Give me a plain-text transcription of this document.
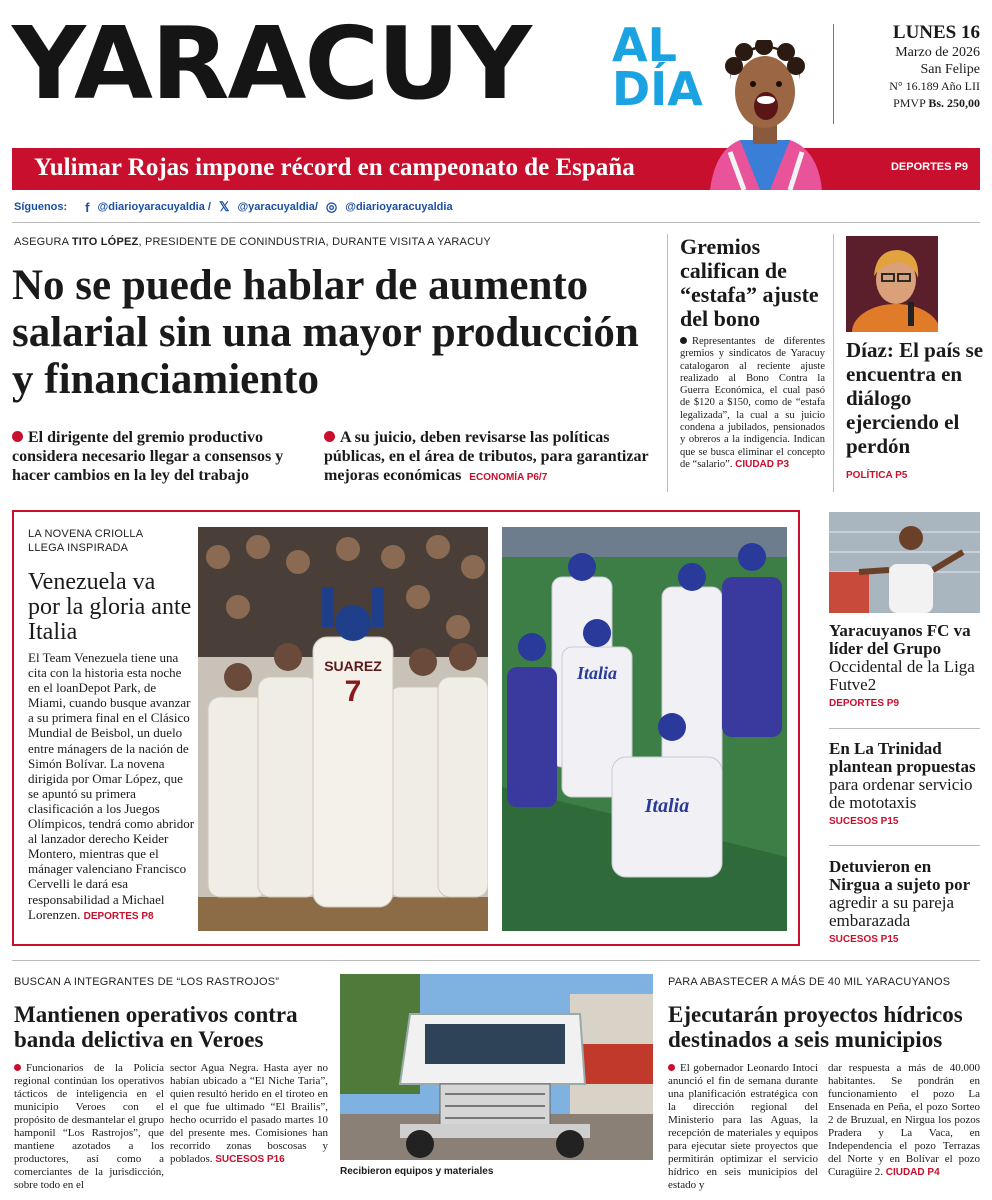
YARACUY AL
DÍA
LUNES 16
Marzo de 2026
San Felipe
N° 16.189 Año LII
PMVP Bs. 250,00
Yulimar Rojas impone récord en campeonato de España	DEPORTES P9
Síguenos: f @diarioyaracuyaldia / 𝕏 @yaracuyaldia/ ◎ @diarioyaracuyaldia
ASEGURA TITO LÓPEZ, PRESIDENTE DE CONINDUSTRIA, DURANTE VISITA A YARACUY
No se puede hablar de aumento salarial sin una mayor producción y financiamiento
El dirigente del gremio productivo considera necesario llegar a consensos y hacer cambios en la ley del trabajo
A su juicio, deben revisarse las políticas públicas, en el área de tributos, para garantizar mejoras económicas ECONOMÍA P6/7
Gremios califican de “estafa” ajuste del bono
Representantes de diferentes gremios y sindicatos de Yaracuy catalogaron al reciente ajuste realizado al Bono Contra la Guerra Económica, el cual pasó de $120 a $150, como de “estafa legalizada”, la cual a su juicio condena a jubilados, pensionados y obreros a la indigencia. Indican que se busca eliminar el concepto de “salario”. CIUDAD P3
Díaz: El país se encuentra en diálogo ejerciendo el perdón
POLÍTICA P5
LA NOVENA CRIOLLA LLEGA INSPIRADA
Venezuela va por la gloria ante Italia
El Team Venezuela tiene una cita con la historia esta noche en el loanDepot Park, de Miami, cuando busque avanzar a su primera final en el Clásico Mundial de Beisbol, un duelo entre mánagers de la nación de Simón Bolívar. La novena dirigida por Omar López, que se apuntó su primera clasificación a los Juegos Olímpicos, tendrá como abridor al lanzador derecho Keider Montero, mientras que el mánager valenciano Francisco Cervelli le dará esa responsabilidad a Michael Lorenzen. DEPORTES P8
SUAREZ
7
Italia
Italia
Yaracuyanos FC va líder del Grupo Occidental de la Liga Futve2
DEPORTES P9
En La Trinidad plantean propuestas para ordenar servicio de mototaxis
SUCESOS P15
Detuvieron en Nirgua a sujeto por agredir a su pareja embarazada
SUCESOS P15
BUSCAN A INTEGRANTES DE “LOS RASTROJOS”
Mantienen operativos contra banda delictiva en Veroes
Funcionarios de la Policía regional continúan los operativos tácticos de inteligencia en el municipio Veroes con el propósito de desmantelar el grupo hamponil “Los Rastrojos”, que mantiene azotados a los productores, así como a comerciantes de la jurisdicción, sobre todo en el
sector Agua Negra. Hasta ayer no habían ubicado a “El Niche Taria”, quien resultó herido en el tiroteo en el que fue ultimado “El Brailis”, hecho ocurrido el pasado martes 10 del presente mes. Comisiones han recorrido zonas boscosas y poblados. SUCESOS P16
Recibieron equipos y materiales
PARA ABASTECER A MÁS DE 40 MIL YARACUYANOS
Ejecutarán proyectos hídricos destinados a seis municipios
El gobernador Leonardo Intoci anunció el fin de semana durante una planificación estratégica con la dirección regional del Ministerio para las Aguas, la recepción de materiales y equipos para ejecutar siete proyectos que permitirán optimizar el servicio hídrico en seis municipios del estado y
dar respuesta a más de 40.000 habitantes. Se pondrán en funcionamiento el pozo La Ensenada en Peña, el pozo Sorteo 2 de Bruzual, en Nirgua los pozos Pradera y La Vaca, en Independencia el pozo Terrazas del Norte y en Bolívar el pozo Curagüire 2. CIUDAD P4
